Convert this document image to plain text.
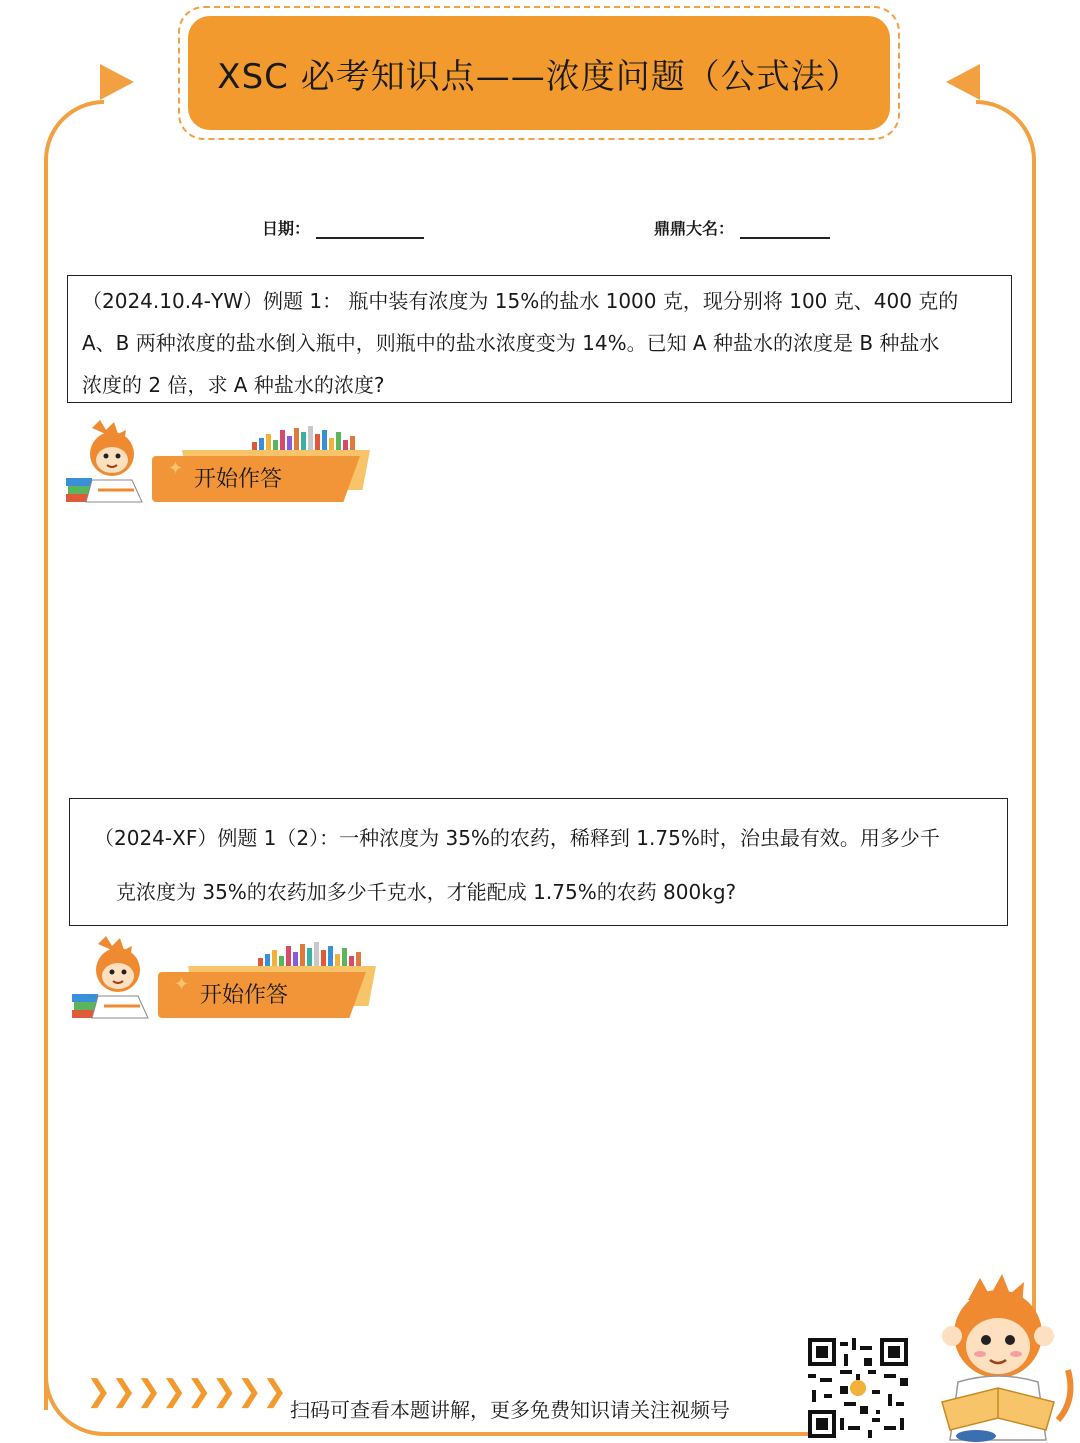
XSC 必考知识点——浓度问题（公式法）
日期：	鼎鼎大名：
（2024.10.4-YW）例题 1： 瓶中装有浓度为 15%的盐水 1000 克，现分别将 100 克、400 克的
A、B 两种浓度的盐水倒入瓶中，则瓶中的盐水浓度变为 14%。已知 A 种盐水的浓度是 B 种盐水
浓度的 2 倍，求 A 种盐水的浓度?
✦ 开始作答
（2024-XF）例题 1（2）：一种浓度为 35%的农药，稀释到 1.75%时，治虫最有效。用多少千
克浓度为 35%的农药加多少千克水，才能配成 1.75%的农药 800kg?
✦ 开始作答
❯❯❯❯❯❯❯❯
扫码可查看本题讲解，更多免费知识请关注视频号
